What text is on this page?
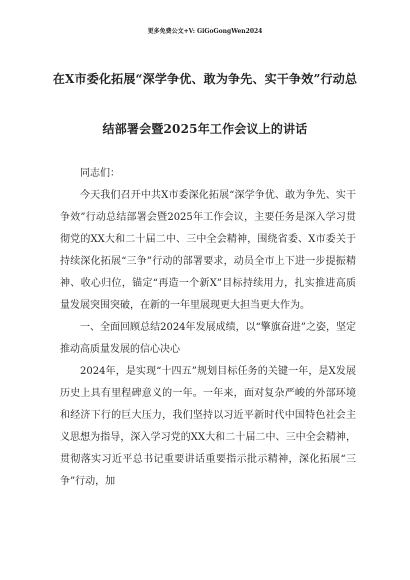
更多免费公文+V: GiGoGongWen2024
在X市委化拓展“深学争优、敢为争先、实干争效”行动总
结部署会暨2025年工作会议上的讲话

同志们：

今天我们召开中共X市委深化拓展“深学争优、敢为争先、实干争效”行动总结部署会暨2025年工作会议，主要任务是深入学习贯彻党的XX大和二十届二中、三中全会精神，围绕省委、X市委关于持续深化拓展“三争”行动的部署要求，动员全市上下进一步提振精神、收心归位，锚定“再造一个新X”目标持续用力，扎实推进高质量发展突围突破，在新的一年里展现更大担当更大作为。

一、全面回顾总结2024年发展成绩，以“擎旗奋进”之姿，坚定推动高质量发展的信心决心

2024年，是实现“十四五”规划目标任务的关键一年，是X发展历史上具有里程碑意义的一年。一年来，面对复杂严峻的外部环境和经济下行的巨大压力，我们坚持以习近平新时代中国特色社会主义思想为指导，深入学习党的XX大和二十届二中、三中全会精神，贯彻落实习近平总书记重要讲话重要指示批示精神，深化拓展“三争”行动，加
